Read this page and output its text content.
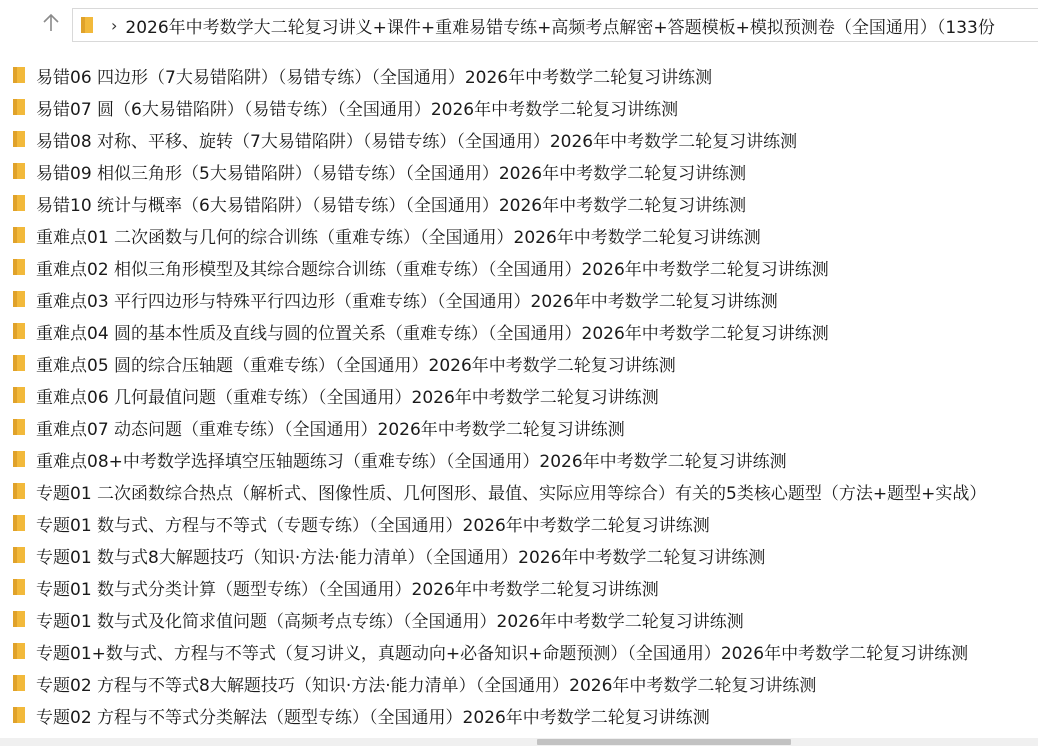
› 2026年中考数学大二轮复习讲义+课件+重难易错专练+高频考点解密+答题模板+模拟预测卷（全国通用）（133份
易错06 四边形（7大易错陷阱）（易错专练）（全国通用）2026年中考数学二轮复习讲练测
易错07 圆（6大易错陷阱）（易错专练）（全国通用）2026年中考数学二轮复习讲练测
易错08 对称、平移、旋转（7大易错陷阱）（易错专练）（全国通用）2026年中考数学二轮复习讲练测
易错09 相似三角形（5大易错陷阱）（易错专练）（全国通用）2026年中考数学二轮复习讲练测
易错10 统计与概率（6大易错陷阱）（易错专练）（全国通用）2026年中考数学二轮复习讲练测
重难点01 二次函数与几何的综合训练（重难专练）（全国通用）2026年中考数学二轮复习讲练测
重难点02 相似三角形模型及其综合题综合训练（重难专练）（全国通用）2026年中考数学二轮复习讲练测
重难点03 平行四边形与特殊平行四边形（重难专练）（全国通用）2026年中考数学二轮复习讲练测
重难点04 圆的基本性质及直线与圆的位置关系（重难专练）（全国通用）2026年中考数学二轮复习讲练测
重难点05 圆的综合压轴题（重难专练）（全国通用）2026年中考数学二轮复习讲练测
重难点06 几何最值问题（重难专练）（全国通用）2026年中考数学二轮复习讲练测
重难点07 动态问题（重难专练）（全国通用）2026年中考数学二轮复习讲练测
重难点08+中考数学选择填空压轴题练习（重难专练）（全国通用）2026年中考数学二轮复习讲练测
专题01 二次函数综合热点（解析式、图像性质、几何图形、最值、实际应用等综合）有关的5类核心题型（方法+题型+实战）
专题01 数与式、方程与不等式（专题专练）（全国通用）2026年中考数学二轮复习讲练测
专题01 数与式8大解题技巧（知识·方法·能力清单）（全国通用）2026年中考数学二轮复习讲练测
专题01 数与式分类计算（题型专练）（全国通用）2026年中考数学二轮复习讲练测
专题01 数与式及化简求值问题（高频考点专练）（全国通用）2026年中考数学二轮复习讲练测
专题01+数与式、方程与不等式（复习讲义，真题动向+必备知识+命题预测）（全国通用）2026年中考数学二轮复习讲练测
专题02 方程与不等式8大解题技巧（知识·方法·能力清单）（全国通用）2026年中考数学二轮复习讲练测
专题02 方程与不等式分类解法（题型专练）（全国通用）2026年中考数学二轮复习讲练测
